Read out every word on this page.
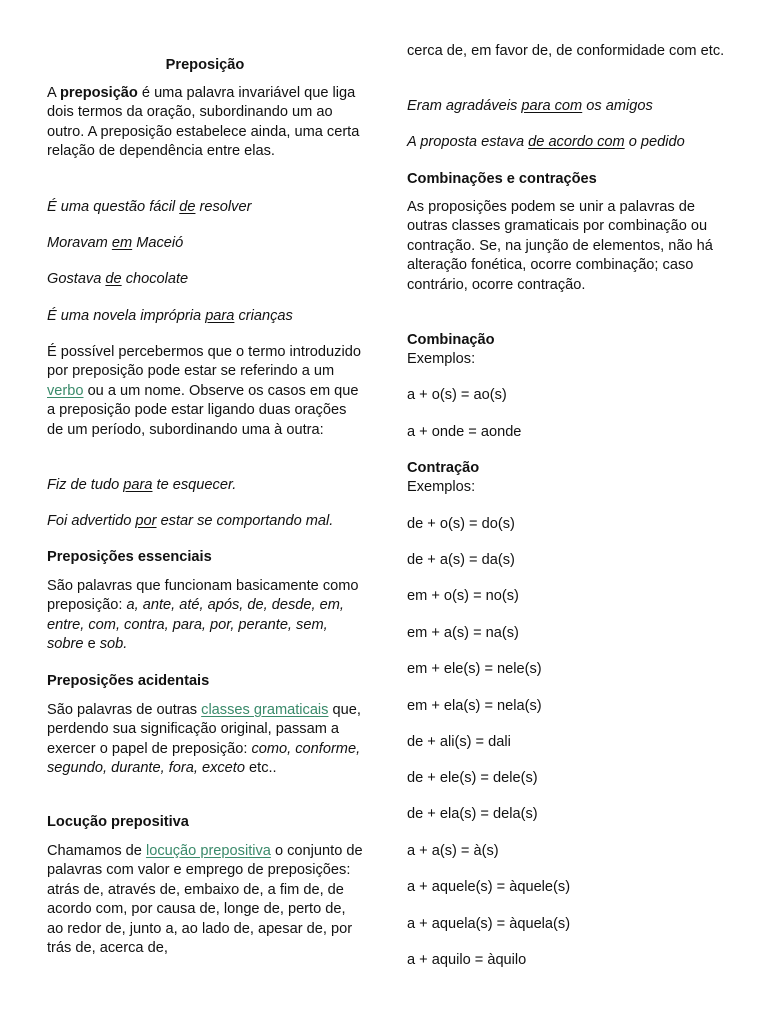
Preposição

A preposição é uma palavra invariável que liga dois termos da oração, subordinando um ao outro. A preposição estabelece ainda, uma certa relação de dependência entre elas.

É uma questão fácil de resolver

Moravam em Maceió

Gostava de chocolate

É uma novela imprópria para crianças

É possível percebermos que o termo introduzido por preposição pode estar se referindo a um verbo ou a um nome. Observe os casos em que a preposição pode estar ligando duas orações de um período, subordinando uma à outra:

Fiz de tudo para te esquecer.

Foi advertido por estar se comportando mal.

Preposições essenciais

São palavras que funcionam basicamente como preposição: a, ante, até, após, de, desde, em, entre, com, contra, para, por, perante, sem, sobre e sob.

Preposições acidentais

São palavras de outras classes gramaticais que, perdendo sua significação original, passam a exercer o papel de preposição: como, conforme, segundo, durante, fora, exceto etc..

Locução prepositiva

Chamamos de locução prepositiva o conjunto de palavras com valor e emprego de preposições: atrás de, através de, embaixo de, a fim de, de acordo com, por causa de, longe de, perto de, ao redor de, junto a, ao lado de, apesar de, por trás de, acerca de,

cerca de, em favor de, de conformidade com etc.

Eram agradáveis para com os amigos

A proposta estava de acordo com o pedido

Combinações e contrações

As proposições podem se unir a palavras de outras classes gramaticais por combinação ou contração. Se, na junção de elementos, não há alteração fonética, ocorre combinação; caso contrário, ocorre contração.

Combinação

Exemplos:

a + o(s) = ao(s)

a + onde = aonde

Contração

Exemplos:

de + o(s) = do(s)

de + a(s) = da(s)

em + o(s) = no(s)

em + a(s) = na(s)

em + ele(s) = nele(s)

em + ela(s) = nela(s)

de + ali(s) = dali

de + ele(s) = dele(s)

de + ela(s) = dela(s)

a + a(s) = à(s)

a + aquele(s) = àquele(s)

a + aquela(s) = àquela(s)

a + aquilo = àquilo
